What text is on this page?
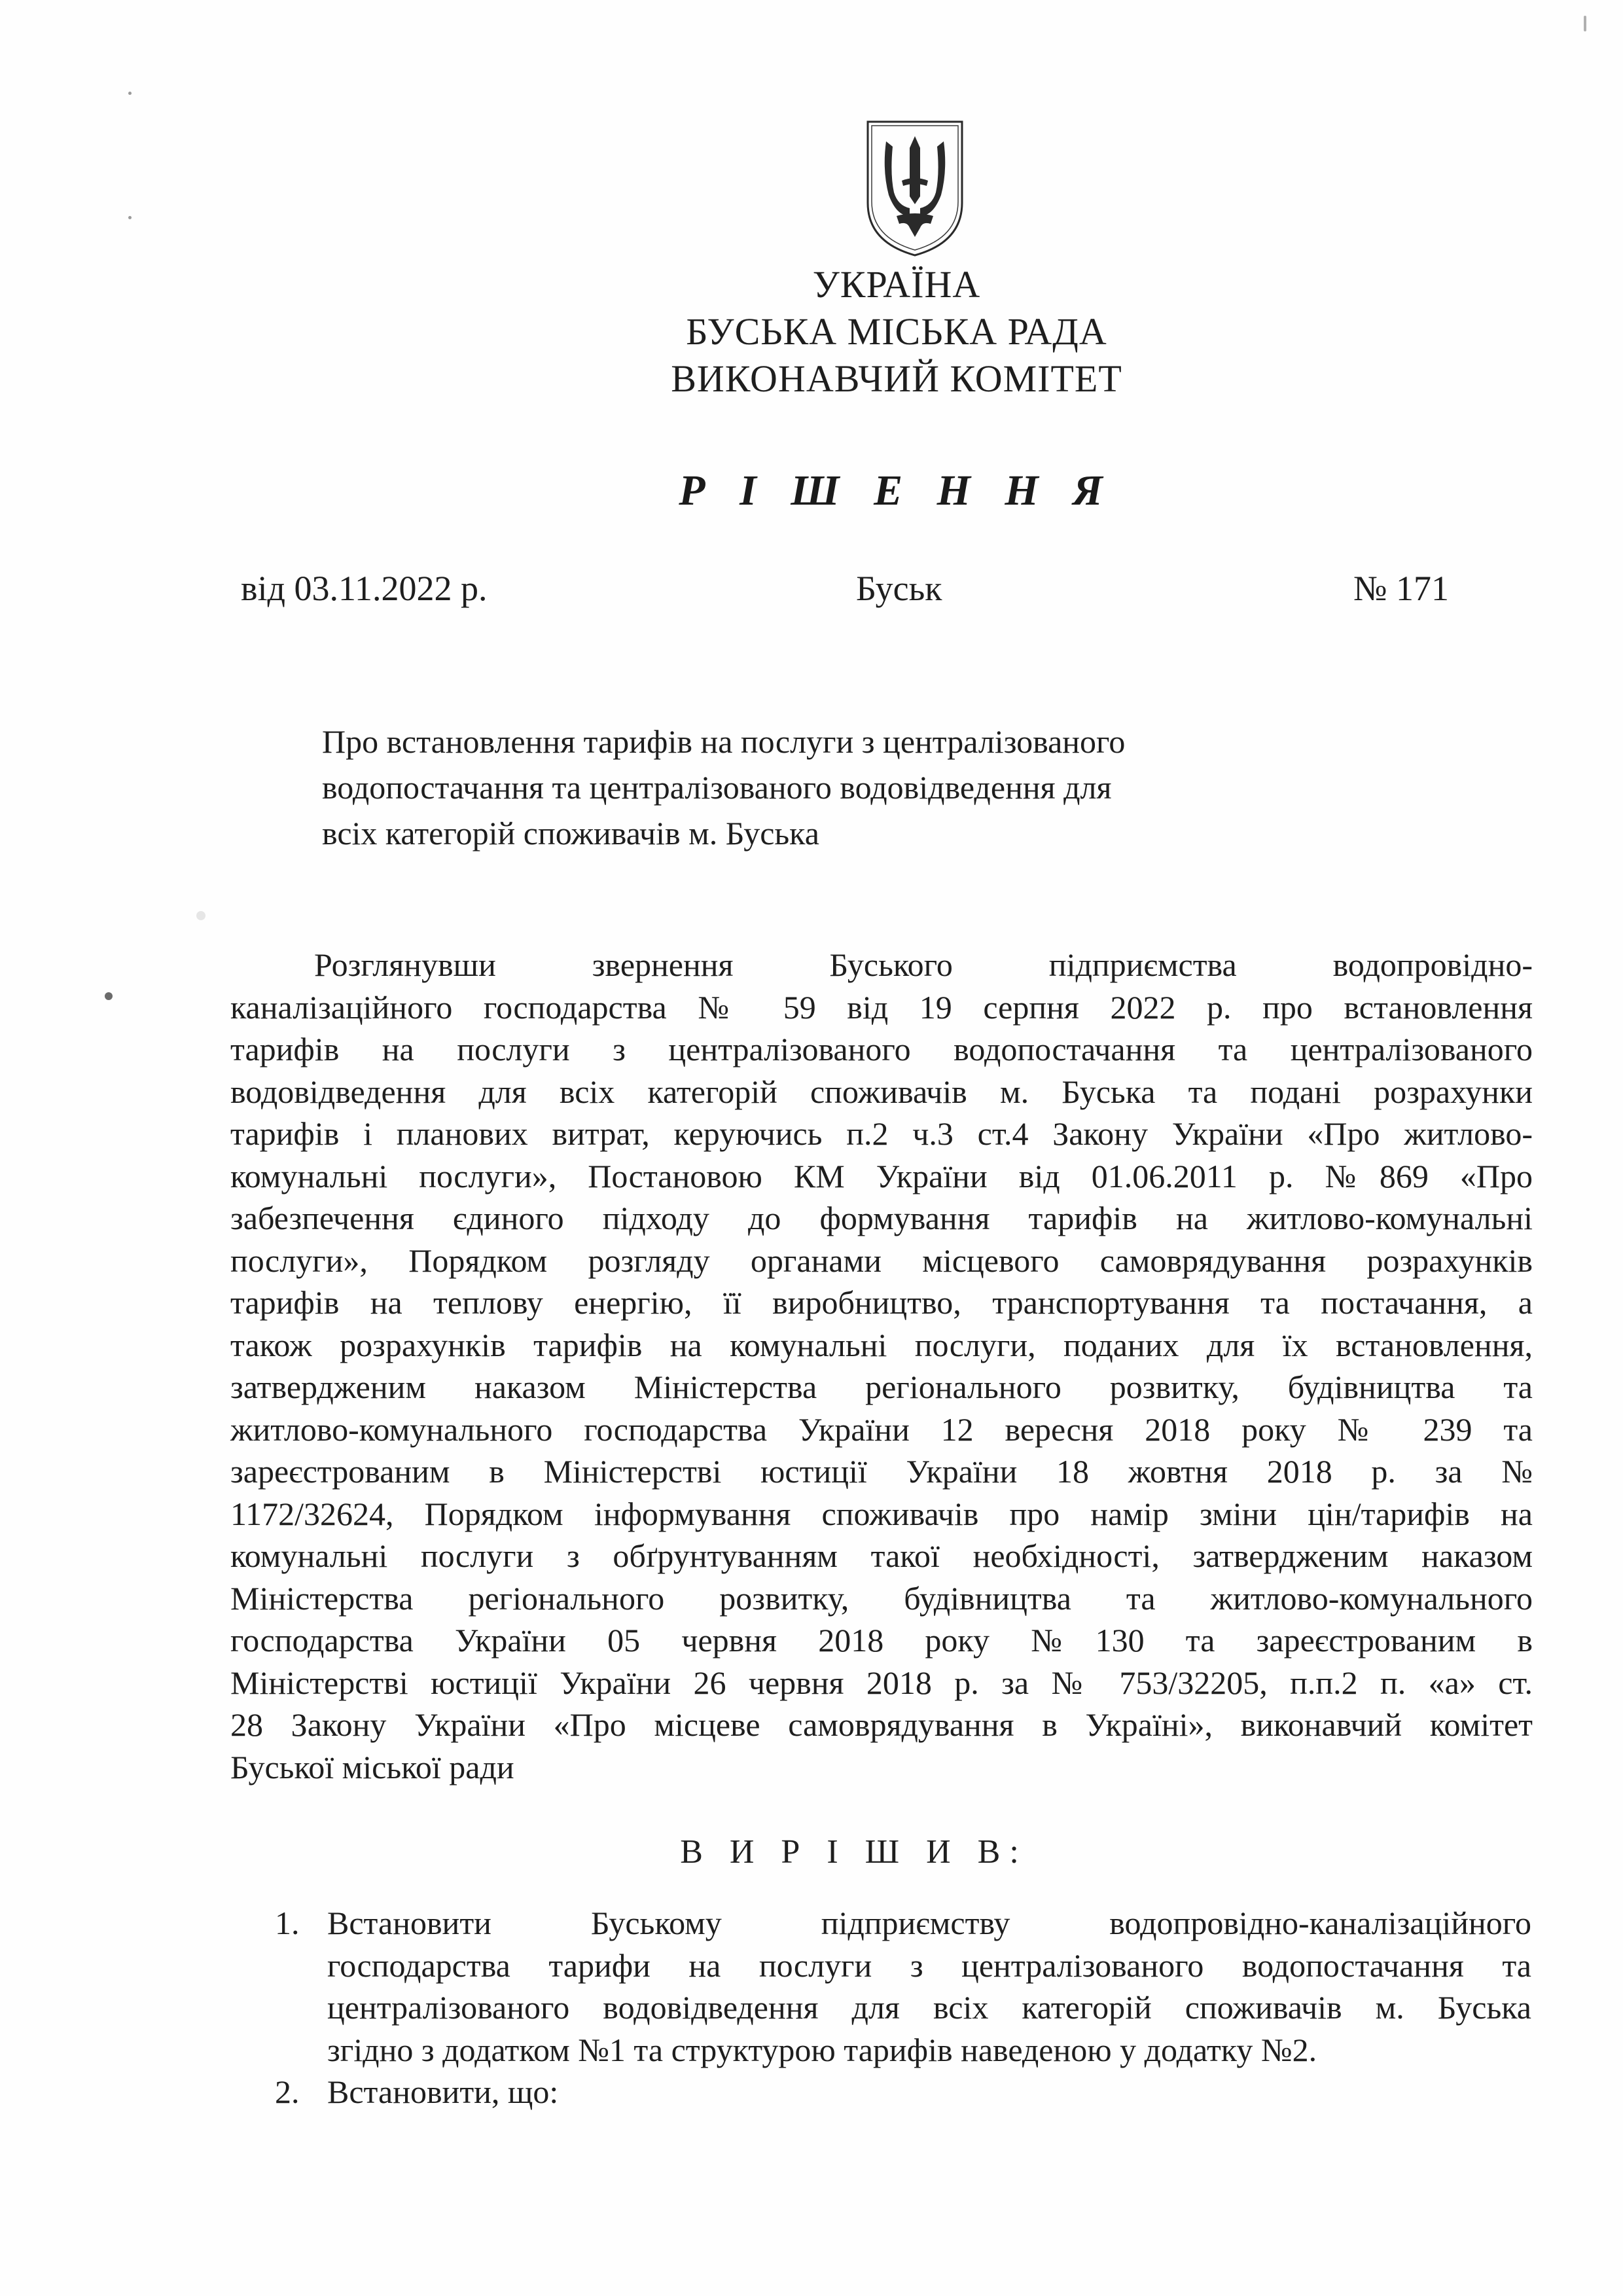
УКРАЇНА
БУСЬКА МІСЬКА РАДА
ВИКОНАВЧИЙ КОМІТЕТ
Р І Ш Е Н Н Я
від 03.11.2022 р.	Буськ	№ 171
Про встановлення тарифів на послуги з централізованого
водопостачання та централізованого водовідведення для
всіх категорій споживачів м. Буська
Розглянувши звернення Буського підприємства водопровідно-
каналізаційного господарства № 59 від 19 серпня 2022 р. про встановлення
тарифів на послуги з централізованого водопостачання та централізованого
водовідведення для всіх категорій споживачів м. Буська та подані розрахунки
тарифів і планових витрат, керуючись п.2 ч.3 ст.4 Закону України «Про житлово-
комунальні послуги», Постановою КМ України від 01.06.2011 р. №869 «Про
забезпечення єдиного підходу до формування тарифів на житлово-комунальні
послуги», Порядком розгляду органами місцевого самоврядування розрахунків
тарифів на теплову енергію, її виробництво, транспортування та постачання, а
також розрахунків тарифів на комунальні послуги, поданих для їх встановлення,
затвердженим наказом Міністерства регіонального розвитку, будівництва та
житлово-комунального господарства України 12 вересня 2018 року № 239 та
зареєстрованим в Міністерстві юстиції України 18 жовтня 2018 р. за №
1172/32624, Порядком інформування споживачів про намір зміни цін/тарифів на
комунальні послуги з обґрунтуванням такої необхідності, затвердженим наказом
Міністерства регіонального розвитку, будівництва та житлово-комунального
господарства України 05 червня 2018 року №130 та зареєстрованим в
Міністерстві юстиції України 26 червня 2018 р. за № 753/32205, п.п.2 п. «а» ст.
28 Закону України «Про місцеве самоврядування в Україні», виконавчий комітет
Буської міської ради
В И Р І Ш И В:
1. Встановити Буському підприємству водопровідно-каналізаційного
господарства тарифи на послуги з централізованого водопостачання та
централізованого водовідведення для всіх категорій споживачів м. Буська
згідно з додатком №1 та структурою тарифів наведеною у додатку №2.
2. Встановити, що:
